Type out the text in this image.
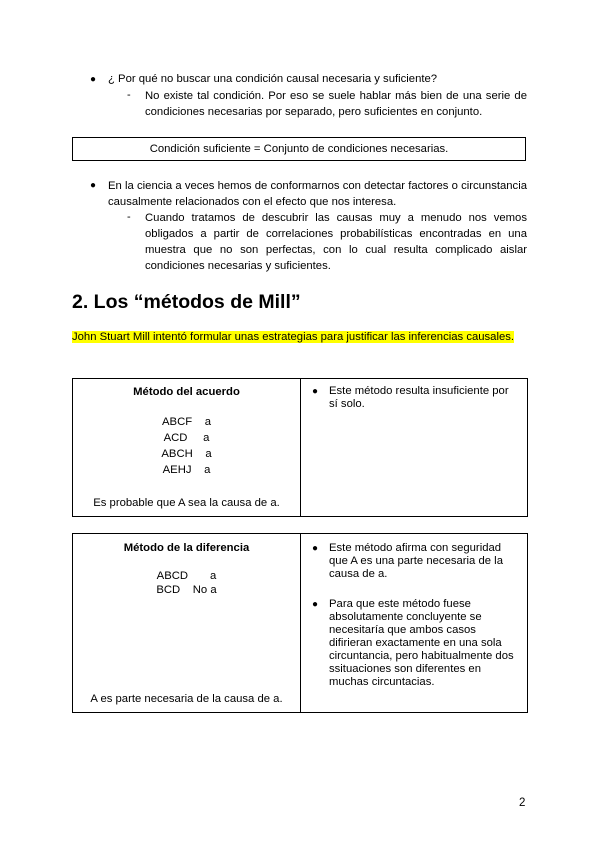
● ¿ Por qué no buscar una condición causal necesaria y suficiente?
- No existe tal condición. Por eso se suele hablar más bien de una serie de condiciones necesarias por separado, pero suficientes en conjunto.
Condición suficiente = Conjunto de condiciones necesarias.
● En la ciencia a veces hemos de conformarnos con detectar factores o circunstancia causalmente relacionados con el efecto que nos interesa.
- Cuando tratamos de descubrir las causas muy a menudo nos vemos obligados a partir de correlaciones probabilísticas encontradas en una muestra que no son perfectas, con lo cual resulta complicado aislar condiciones necesarias y suficientes.
2. Los “métodos de Mill”
John Stuart Mill intentó formular unas estrategias para justificar las inferencias causales.
Método del acuerdo
ABCF    a
ACD     a
ABCH    a
AEHJ    a
Es probable que A sea la causa de a.

● Este método resulta insuficiente por sí solo.
Método de la diferencia
ABCD       a
BCD    No a
A es parte necesaria de la causa de a.

● Este método afirma con seguridad que A es una parte necesaria de la causa de a.
● Para que este método fuese absolutamente concluyente se necesitaría que ambos casos difirieran exactamente en una sola circuntancia, pero habitualmente dos ssituaciones son diferentes en muchas circuntacias.
2
